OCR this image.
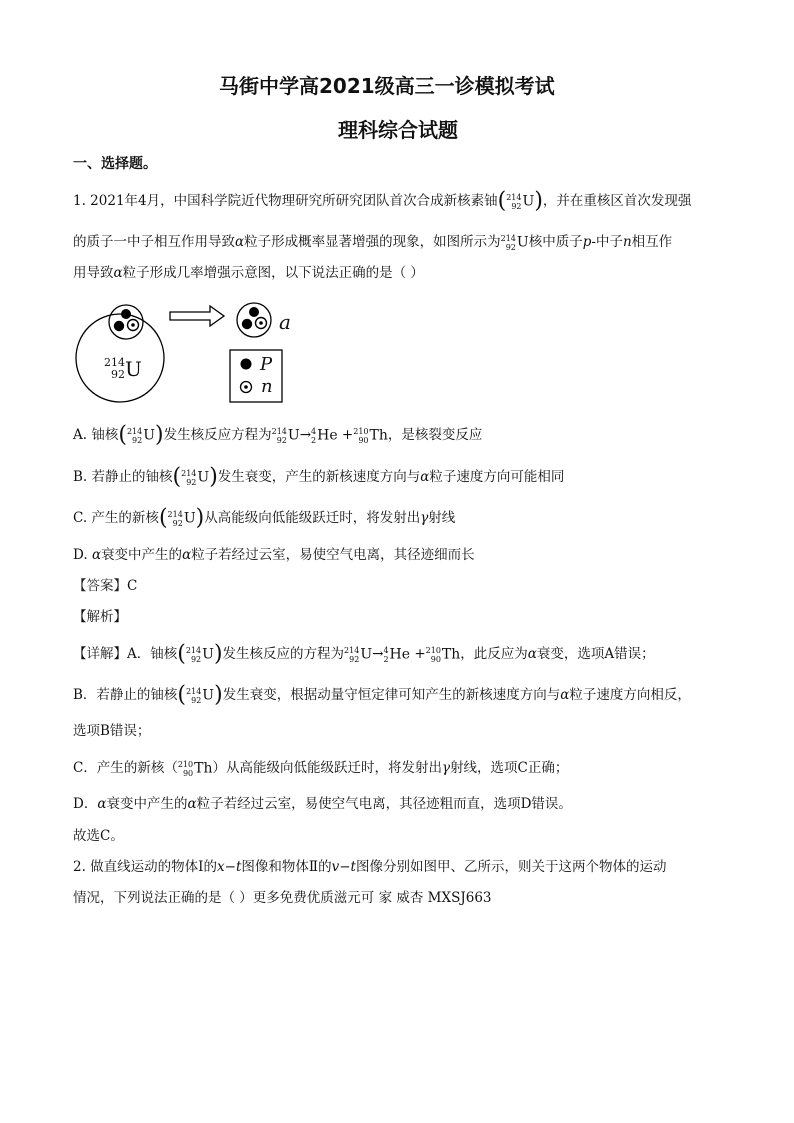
马街中学高2021级高三一诊模拟考试
理科综合试题
一、选择题。
1. 2021年4月，中国科学院近代物理研究所研究团队首次合成新核素铀( 214
92 U)，并在重核区首次发现强
的质子一中子相互作用导致α粒子形成概率显著增强的现象，如图所示为 214
92 U核中质子p-中子n相互作
用导致α粒子形成几率增强示意图，以下说法正确的是（ ）
a
P
n
214
92 U
A. 铀核( 214
92 U)发生核反应方程为 214
92 U→ 4
2 He + 210
90 Th，是核裂变反应
B. 若静止的铀核( 214
92 U)发生衰变，产生的新核速度方向与α粒子速度方向可能相同
C. 产生的新核( 214
92 U)从高能级向低能级跃迁时，将发射出γ射线
D. α衰变中产生的α粒子若经过云室，易使空气电离，其径迹细而长
【答案】C
【解析】
【详解】A．铀核( 214
92 U)发生核反应的方程为 214
92 U→ 4
2 He + 210
90 Th，此反应为α衰变，选项A错误；
B．若静止的铀核( 214
92 U)发生衰变，根据动量守恒定律可知产生的新核速度方向与α粒子速度方向相反，
选项B错误；
C．产生的新核（ 210
90 Th）从高能级向低能级跃迁时，将发射出γ射线，选项C正确；
D．α衰变中产生的α粒子若经过云室，易使空气电离，其径迹粗而直，选项D错误。
故选C。
2. 做直线运动的物体Ⅰ的x−t图像和物体Ⅱ的v−t图像分别如图甲、乙所示，则关于这两个物体的运动
情况，下列说法正确的是（ ）更多免费优质滋元可 家 威杏 MXSJ663
